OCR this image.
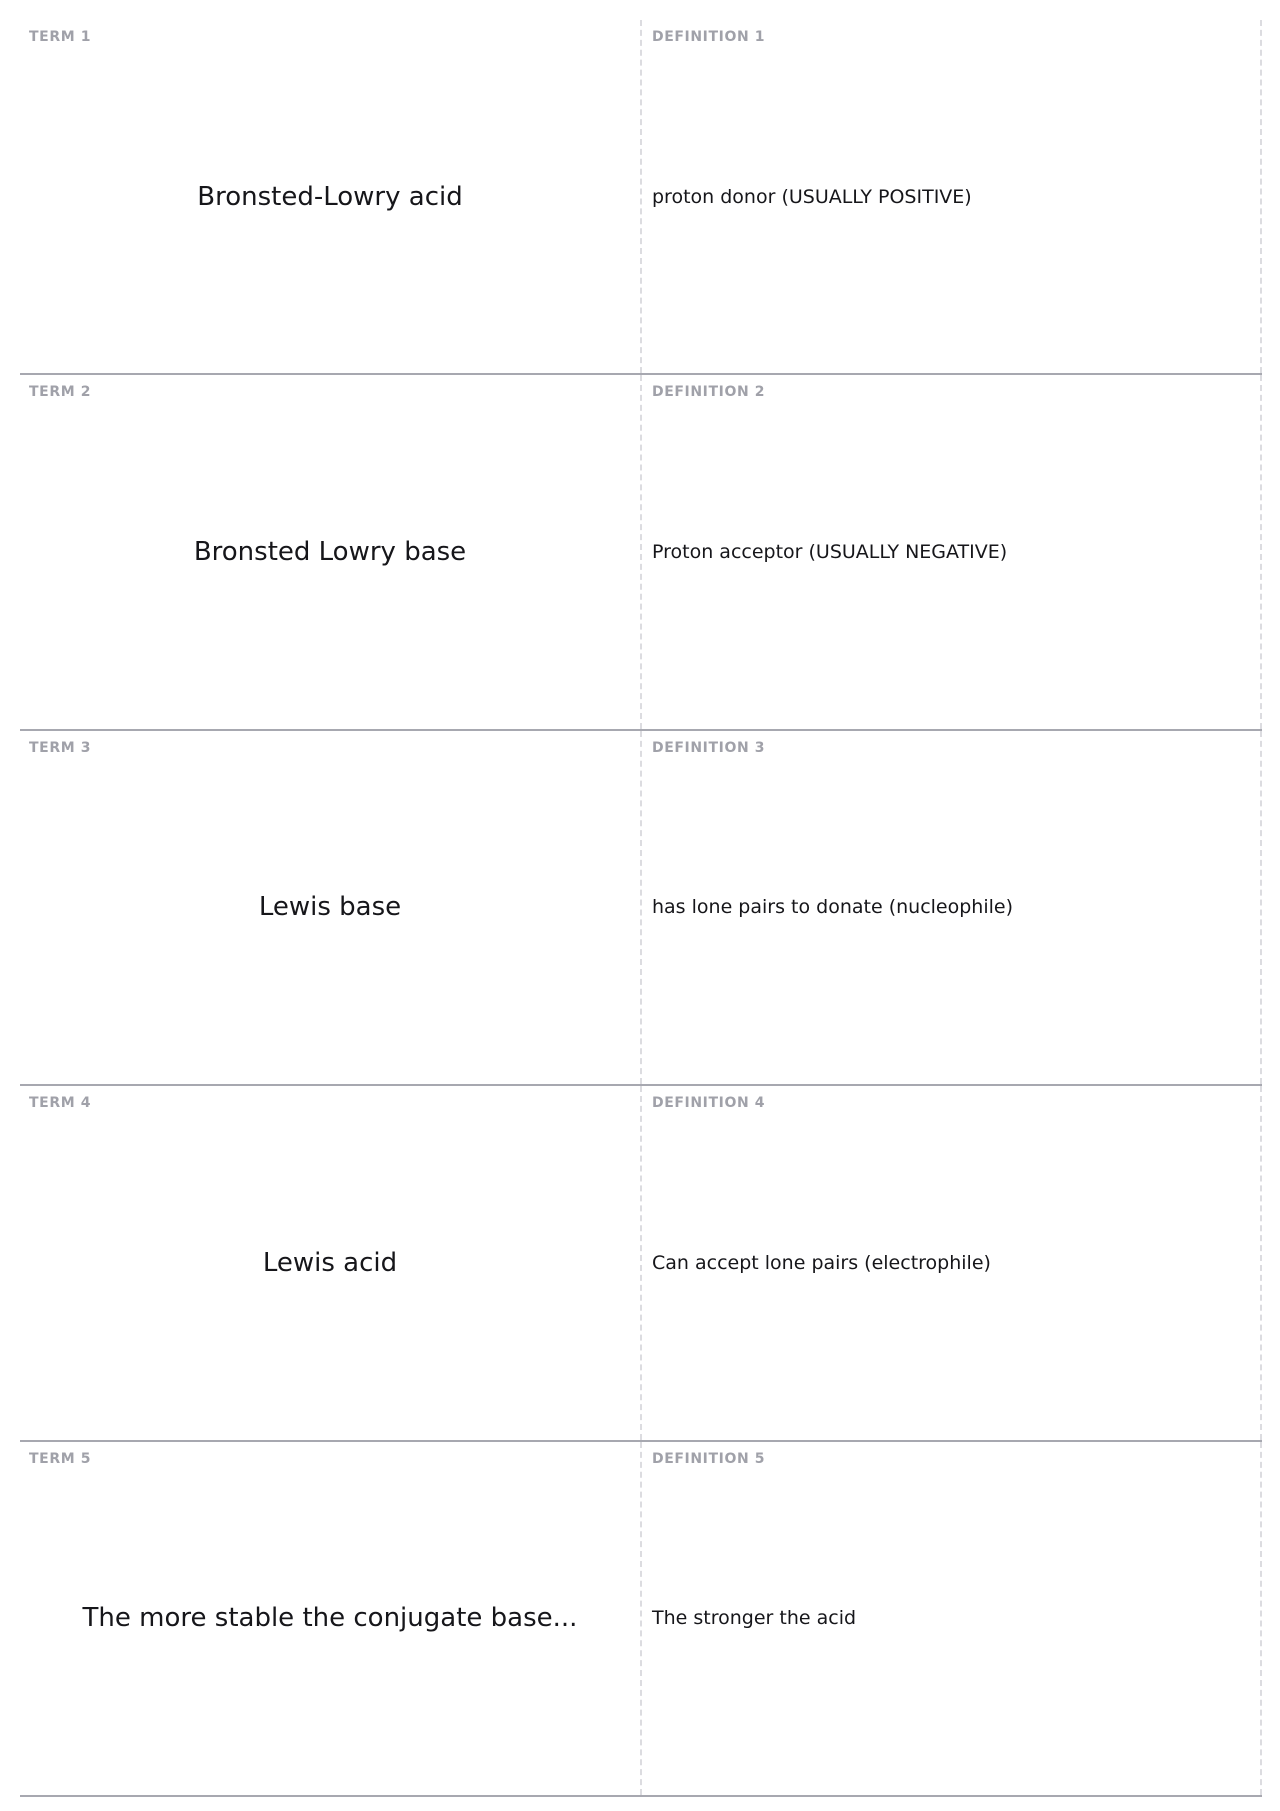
TERM 1
Bronsted-Lowry acid
DEFINITION 1
proton donor (USUALLY POSITIVE)
TERM 2
Bronsted Lowry base
DEFINITION 2
Proton acceptor (USUALLY NEGATIVE)
TERM 3
Lewis base
DEFINITION 3
has lone pairs to donate (nucleophile)
TERM 4
Lewis acid
DEFINITION 4
Can accept lone pairs (electrophile)
TERM 5
The more stable the conjugate base...
DEFINITION 5
The stronger the acid
